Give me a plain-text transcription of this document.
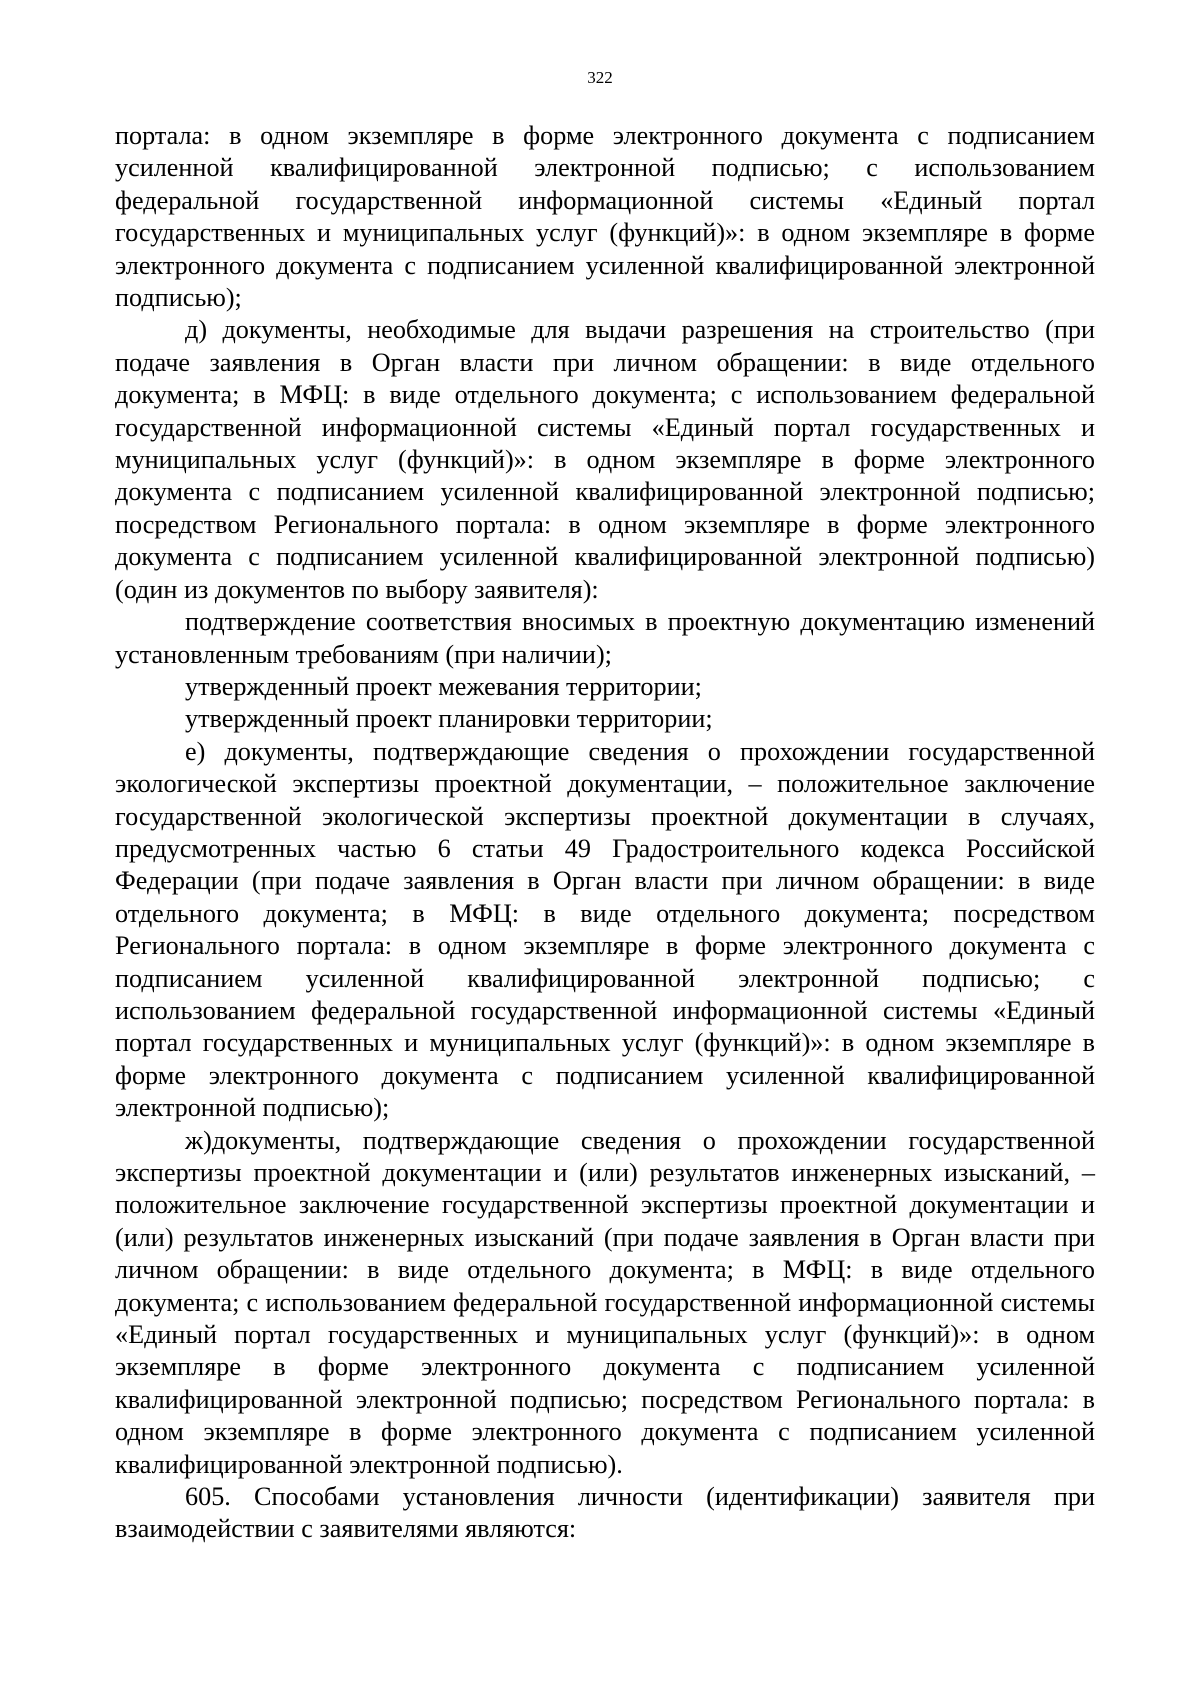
322

портала: в одном экземпляре в форме электронного документа с подписанием усиленной квалифицированной электронной подписью; с использованием федеральной государственной информационной системы «Единый портал государственных и муниципальных услуг (функций)»: в одном экземпляре в форме электронного документа с подписанием усиленной квалифицированной электронной подписью);

д) документы, необходимые для выдачи разрешения на строительство (при подаче заявления в Орган власти при личном обращении: в виде отдельного документа; в МФЦ: в виде отдельного документа; с использованием федеральной государственной информационной системы «Единый портал государственных и муниципальных услуг (функций)»: в одном экземпляре в форме электронного документа с подписанием усиленной квалифицированной электронной подписью; посредством Регионального портала: в одном экземпляре в форме электронного документа с подписанием усиленной квалифицированной электронной подписью) (один из документов по выбору заявителя):

подтверждение соответствия вносимых в проектную документацию изменений установленным требованиям (при наличии);

утвержденный проект межевания территории;

утвержденный проект планировки территории;

е) документы, подтверждающие сведения о прохождении государственной экологической экспертизы проектной документации, – положительное заключение государственной экологической экспертизы проектной документации в случаях, предусмотренных частью 6 статьи 49 Градостроительного кодекса Российской Федерации (при подаче заявления в Орган власти при личном обращении: в виде отдельного документа; в МФЦ: в виде отдельного документа; посредством Регионального портала: в одном экземпляре в форме электронного документа с подписанием усиленной квалифицированной электронной подписью; с использованием федеральной государственной информационной системы «Единый портал государственных и муниципальных услуг (функций)»: в одном экземпляре в форме электронного документа с подписанием усиленной квалифицированной электронной подписью);

ж)документы, подтверждающие сведения о прохождении государственной экспертизы проектной документации и (или) результатов инженерных изысканий, – положительное заключение государственной экспертизы проектной документации и (или) результатов инженерных изысканий (при подаче заявления в Орган власти при личном обращении: в виде отдельного документа; в МФЦ: в виде отдельного документа; с использованием федеральной государственной информационной системы «Единый портал государственных и муниципальных услуг (функций)»: в одном экземпляре в форме электронного документа с подписанием усиленной квалифицированной электронной подписью; посредством Регионального портала: в одном экземпляре в форме электронного документа с подписанием усиленной квалифицированной электронной подписью).

605. Способами установления личности (идентификации) заявителя при взаимодействии с заявителями являются:
